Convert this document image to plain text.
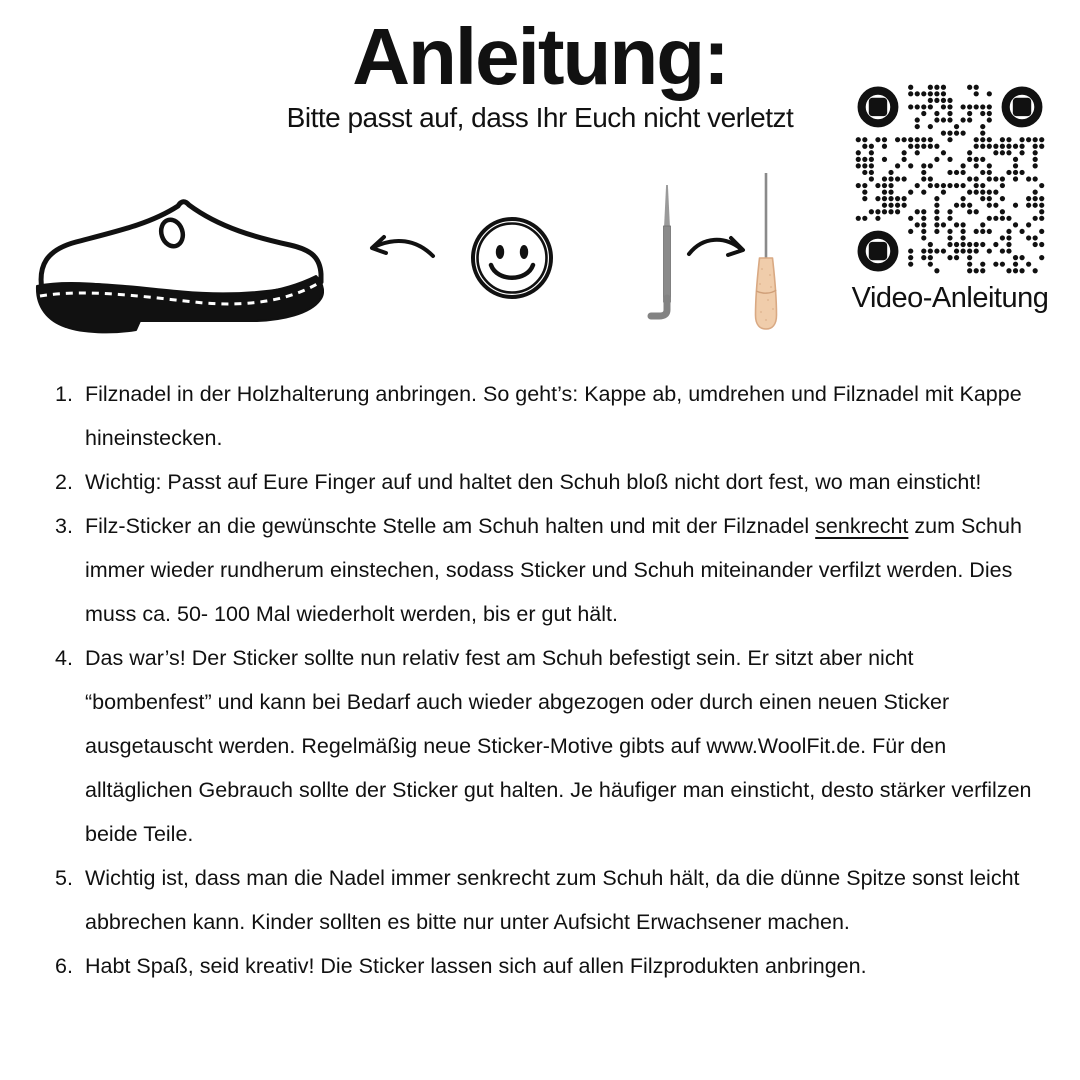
Anleitung:
Bitte passt auf, dass Ihr Euch nicht verletzt
Video-Anleitung
1. Filznadel in der Holzhalterung anbringen. So geht’s: Kappe ab, umdrehen und Filznadel mit Kappe hineinstecken.
2. Wichtig: Passt auf Eure Finger auf und haltet den Schuh bloß nicht dort fest, wo man einsticht!
3. Filz-Sticker an die gewünschte Stelle am Schuh halten und mit der Filznadel senkrecht zum Schuh immer wieder rundherum einstechen, sodass Sticker und Schuh miteinander verfilzt werden. Dies muss ca. 50- 100 Mal wiederholt werden, bis er gut hält.
4. Das war’s! Der Sticker sollte nun relativ fest am Schuh befestigt sein. Er sitzt aber nicht “bombenfest” und kann bei Bedarf auch wieder abgezogen oder durch einen neuen Sticker ausgetauscht werden. Regelmäßig neue Sticker-Motive gibts auf www.WoolFit.de. Für den alltäglichen Gebrauch sollte der Sticker gut halten. Je häufiger man einsticht, desto stärker verfilzen beide Teile.
5. Wichtig ist, dass man die Nadel immer senkrecht zum Schuh hält, da die dünne Spitze sonst leicht abbrechen kann. Kinder sollten es bitte nur unter Aufsicht Erwachsener machen.
6. Habt Spaß, seid kreativ! Die Sticker lassen sich auf allen Filzprodukten anbringen.
